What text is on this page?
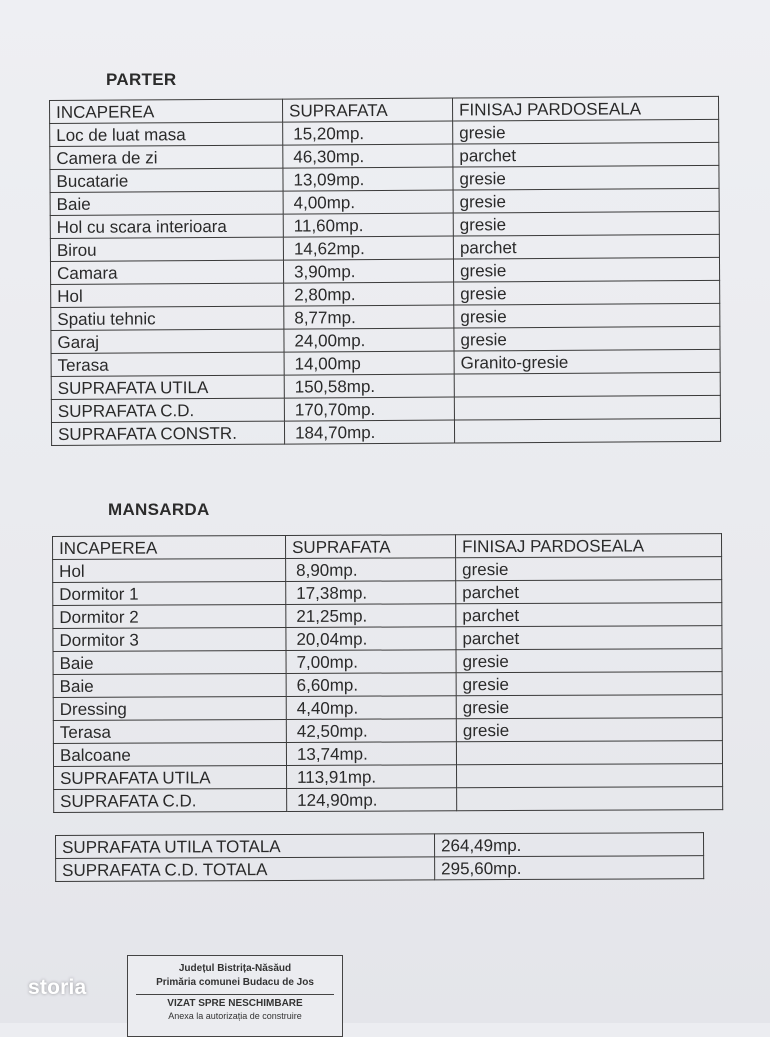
PARTER
INCAPEREA	SUPRAFATA	FINISAJ PARDOSEALA
Loc de luat masa	15,20mp.	gresie
Camera de zi	46,30mp.	parchet
Bucatarie	13,09mp.	gresie
Baie	4,00mp.	gresie
Hol cu scara interioara	11,60mp.	gresie
Birou	14,62mp.	parchet
Camara	3,90mp.	gresie
Hol	2,80mp.	gresie
Spatiu tehnic	8,77mp.	gresie
Garaj	24,00mp.	gresie
Terasa	14,00mp	Granito-gresie
SUPRAFATA UTILA	150,58mp.	
SUPRAFATA C.D.	170,70mp.	
SUPRAFATA CONSTR.	184,70mp.	
MANSARDA
INCAPEREA	SUPRAFATA	FINISAJ PARDOSEALA
Hol	8,90mp.	gresie
Dormitor 1	17,38mp.	parchet
Dormitor 2	21,25mp.	parchet
Dormitor 3	20,04mp.	parchet
Baie	7,00mp.	gresie
Baie	6,60mp.	gresie
Dressing	4,40mp.	gresie
Terasa	42,50mp.	gresie
Balcoane	13,74mp.	
SUPRAFATA UTILA	113,91mp.	
SUPRAFATA C.D.	124,90mp.	
SUPRAFATA UTILA TOTALA	264,49mp.
SUPRAFATA C.D. TOTALA	295,60mp.
Județul Bistrița-Năsăud
Primăria comunei Budacu de Jos
VIZAT SPRE NESCHIMBARE
Anexa la autorizația de construire
storia
